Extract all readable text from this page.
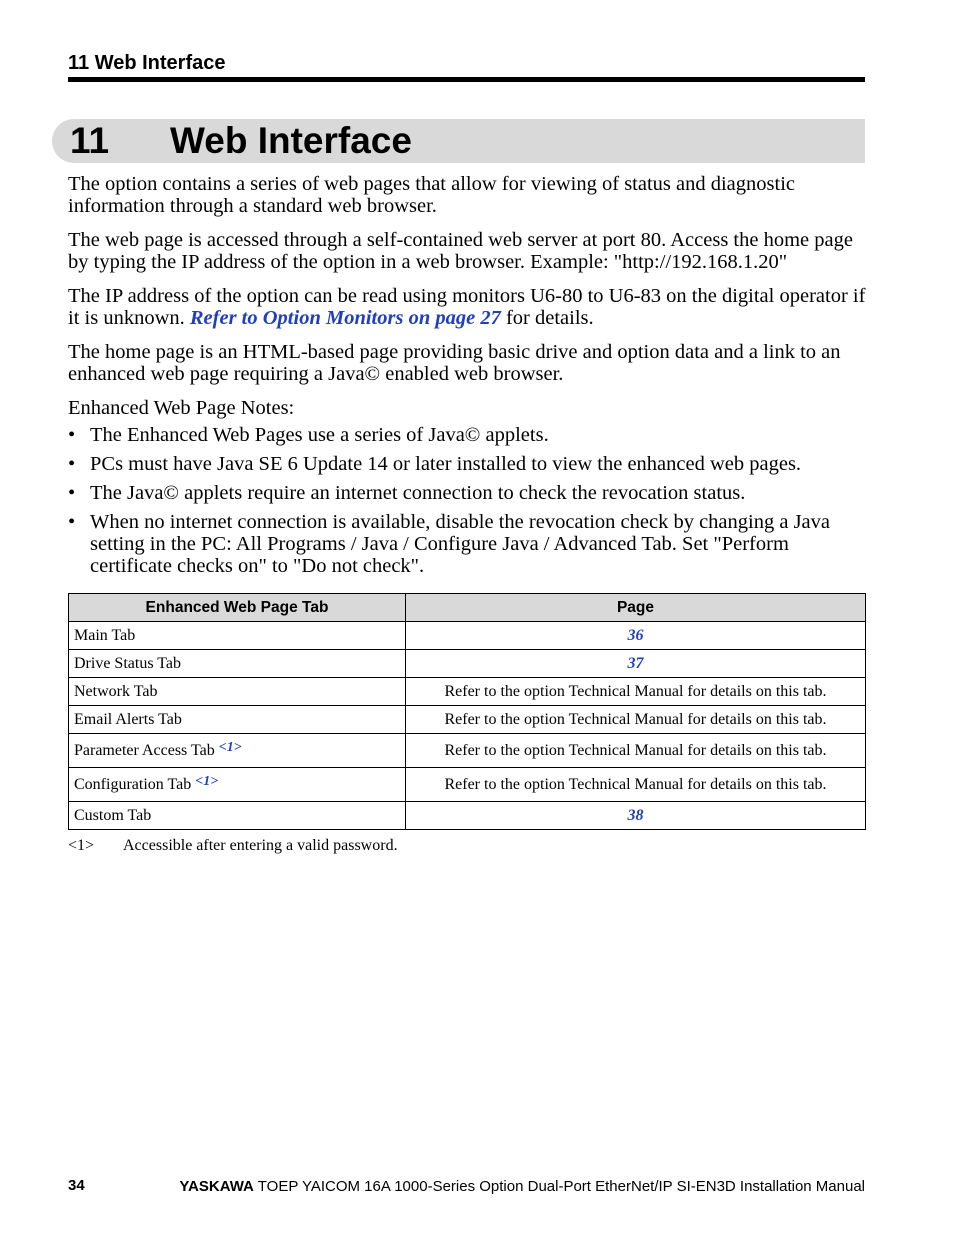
11 Web Interface
11 Web Interface

The option contains a series of web pages that allow for viewing of status and diagnostic information through a standard web browser.

The web page is accessed through a self-contained web server at port 80. Access the home page by typing the IP address of the option in a web browser. Example: "http://192.168.1.20"

The IP address of the option can be read using monitors U6-80 to U6-83 on the digital operator if it is unknown. Refer to Option Monitors on page 27 for details.

The home page is an HTML-based page providing basic drive and option data and a link to an enhanced web page requiring a Java© enabled web browser.

Enhanced Web Page Notes:

• The Enhanced Web Pages use a series of Java© applets.
• PCs must have Java SE 6 Update 14 or later installed to view the enhanced web pages.
• The Java© applets require an internet connection to check the revocation status.
• When no internet connection is available, disable the revocation check by changing a Java setting in the PC: All Programs / Java / Configure Java / Advanced Tab. Set "Perform certificate checks on" to "Do not check".
Enhanced Web Page Tab	Page
Main Tab	36
Drive Status Tab	37
Network Tab	Refer to the option Technical Manual for details on this tab.
Email Alerts Tab	Refer to the option Technical Manual for details on this tab.
Parameter Access Tab <1>	Refer to the option Technical Manual for details on this tab.
Configuration Tab <1>	Refer to the option Technical Manual for details on this tab.
Custom Tab	38
<1> Accessible after entering a valid password.
34	YASKAWA TOEP YAICOM 16A 1000-Series Option Dual-Port EtherNet/IP SI-EN3D Installation Manual
